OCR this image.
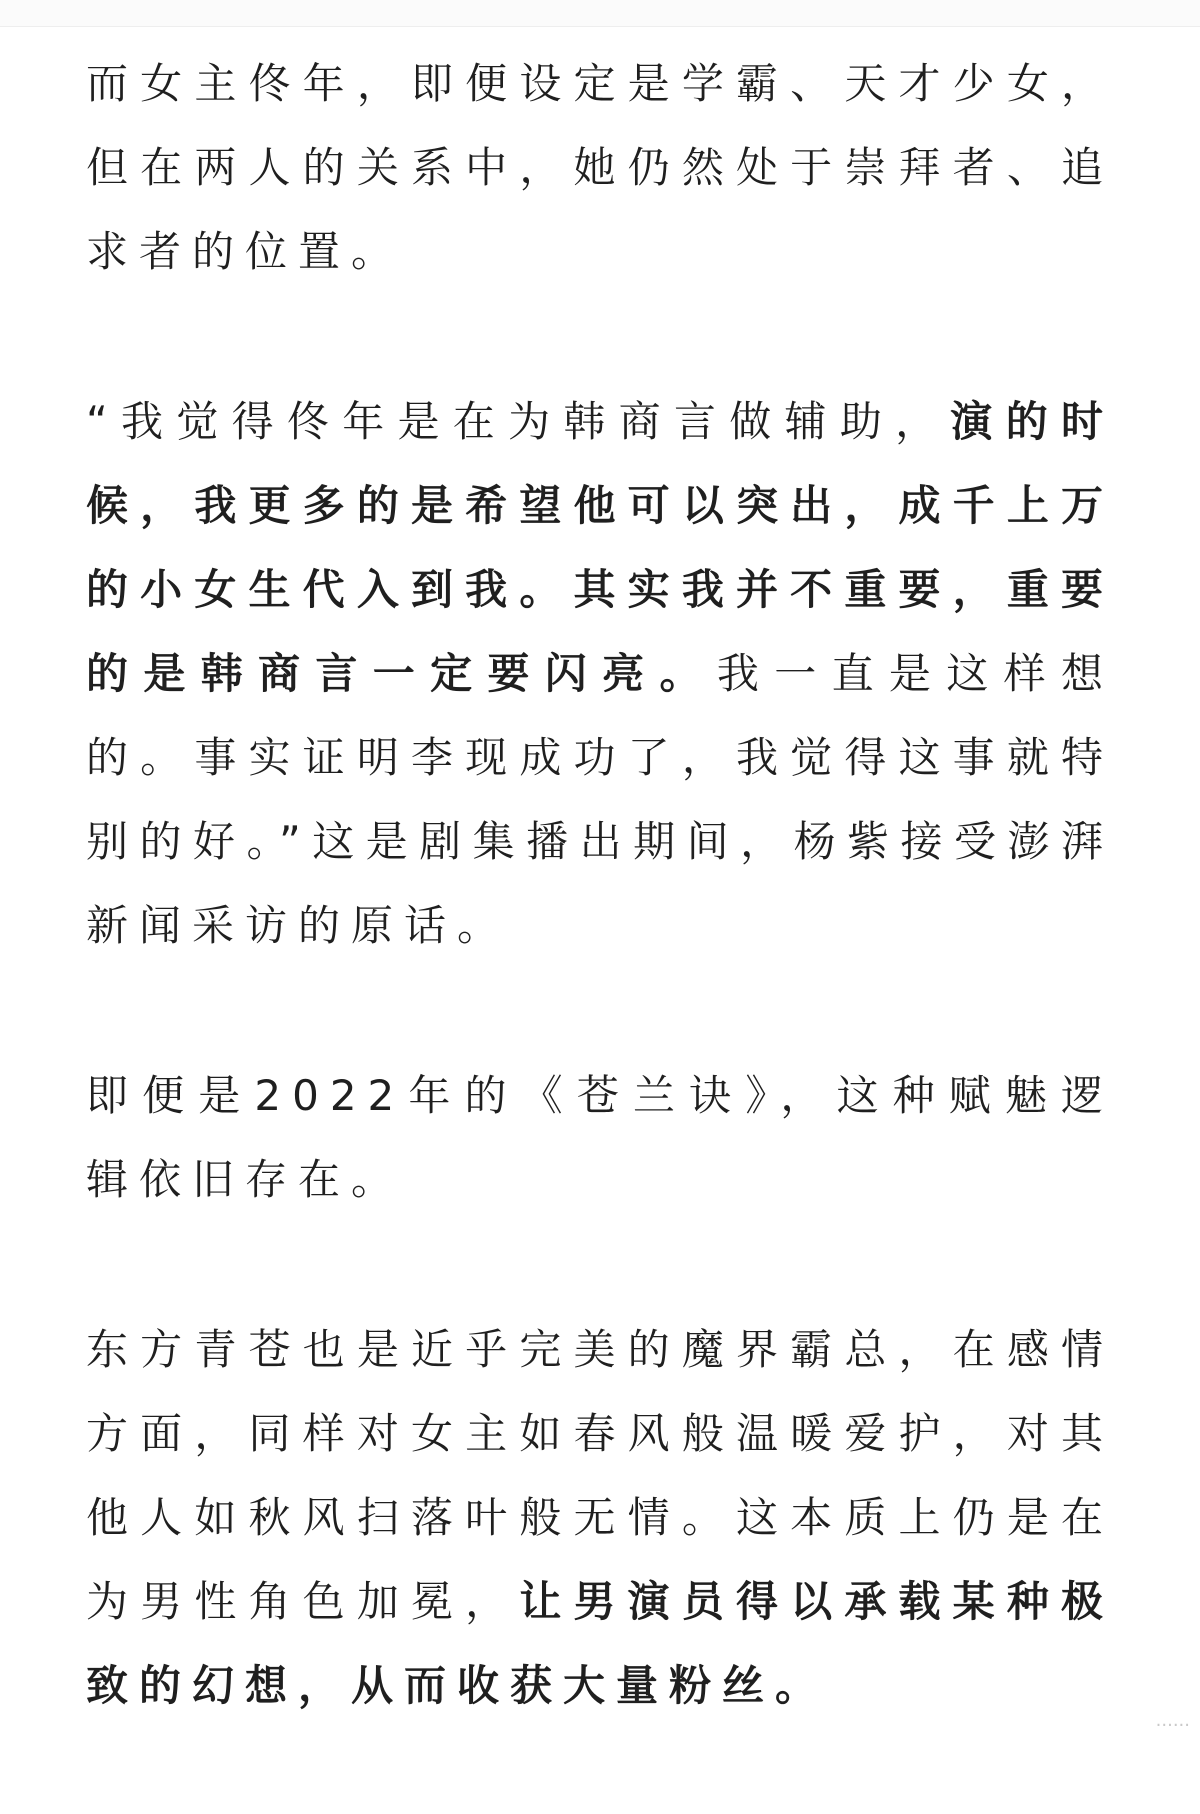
而女主佟年，即便设定是学霸、天才少女，但在两人的关系中，她仍然处于崇拜者、追求者的位置。

“我觉得佟年是在为韩商言做辅助，演的时候，我更多的是希望他可以突出，成千上万的小女生代入到我。其实我并不重要，重要的是韩商言一定要闪亮。我一直是这样想的。事实证明李现成功了，我觉得这事就特别的好。”这是剧集播出期间，杨紫接受澎湃新闻采访的原话。

即便是2022年的《苍兰诀》，这种赋魅逻辑依旧存在。

东方青苍也是近乎完美的魔界霸总，在感情方面，同样对女主如春风般温暖爱护，对其他人如秋风扫落叶般无情。这本质上仍是在为男性角色加冕，让男演员得以承载某种极致的幻想，从而收获大量粉丝。

······
